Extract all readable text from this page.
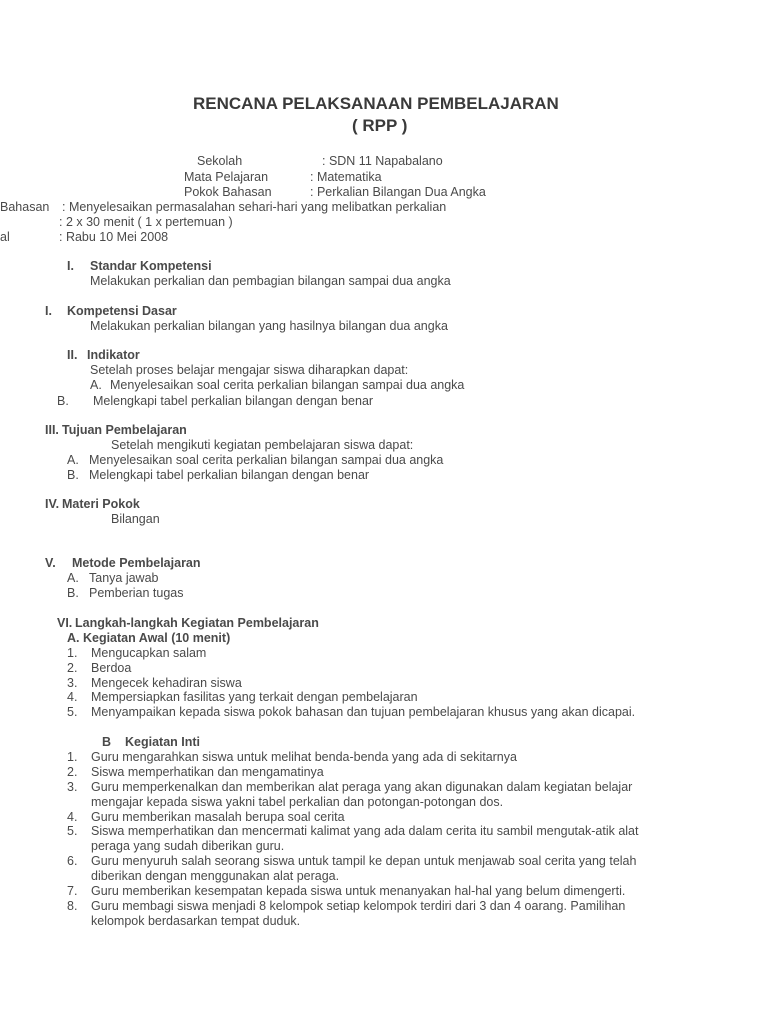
RENCANA PELAKSANAAN PEMBELAJARAN
( RPP )
Sekolah	: SDN 11 Napabalano
Mata Pelajaran	: Matematika
Pokok Bahasan	: Perkalian Bilangan Dua Angka
Bahasan : Menyelesaikan permasalahan sehari-hari yang melibatkan perkalian
: 2 x 30 menit ( 1 x pertemuan )
al	: Rabu 10 Mei 2008
I. Standar Kompetensi
Melakukan perkalian dan pembagian bilangan sampai dua angka
I. Kompetensi Dasar
Melakukan perkalian bilangan yang hasilnya bilangan dua angka
II. Indikator
Setelah proses belajar mengajar siswa diharapkan dapat:
A. Menyelesaikan soal cerita perkalian bilangan sampai dua angka
B. Melengkapi tabel perkalian bilangan dengan benar
III. Tujuan Pembelajaran
Setelah mengikuti kegiatan pembelajaran siswa dapat:
A. Menyelesaikan soal cerita perkalian bilangan sampai dua angka
B. Melengkapi tabel perkalian bilangan dengan benar
IV. Materi Pokok
Bilangan
V. Metode Pembelajaran
A. Tanya jawab
B. Pemberian tugas
VI. Langkah-langkah Kegiatan Pembelajaran
A. Kegiatan Awal (10 menit)
1. Mengucapkan salam
2. Berdoa
3. Mengecek kehadiran siswa
4. Mempersiapkan fasilitas yang terkait dengan pembelajaran
5. Menyampaikan kepada siswa pokok bahasan dan tujuan pembelajaran khusus yang akan dicapai.
B Kegiatan Inti
1. Guru mengarahkan siswa untuk melihat benda-benda yang ada di sekitarnya
2. Siswa memperhatikan dan mengamatinya
3. Guru memperkenalkan dan memberikan alat peraga yang akan digunakan dalam kegiatan belajar
mengajar kepada siswa yakni tabel perkalian dan potongan-potongan dos.
4. Guru memberikan masalah berupa soal cerita
5. Siswa memperhatikan dan mencermati kalimat yang ada dalam cerita itu sambil mengutak-atik alat
peraga yang sudah diberikan guru.
6. Guru menyuruh salah seorang siswa untuk tampil ke depan untuk menjawab soal cerita yang telah
diberikan dengan menggunakan alat peraga.
7. Guru memberikan kesempatan kepada siswa untuk menanyakan hal-hal yang belum dimengerti.
8. Guru membagi siswa menjadi 8 kelompok setiap kelompok terdiri dari 3 dan 4 oarang. Pamilihan
kelompok berdasarkan tempat duduk.
